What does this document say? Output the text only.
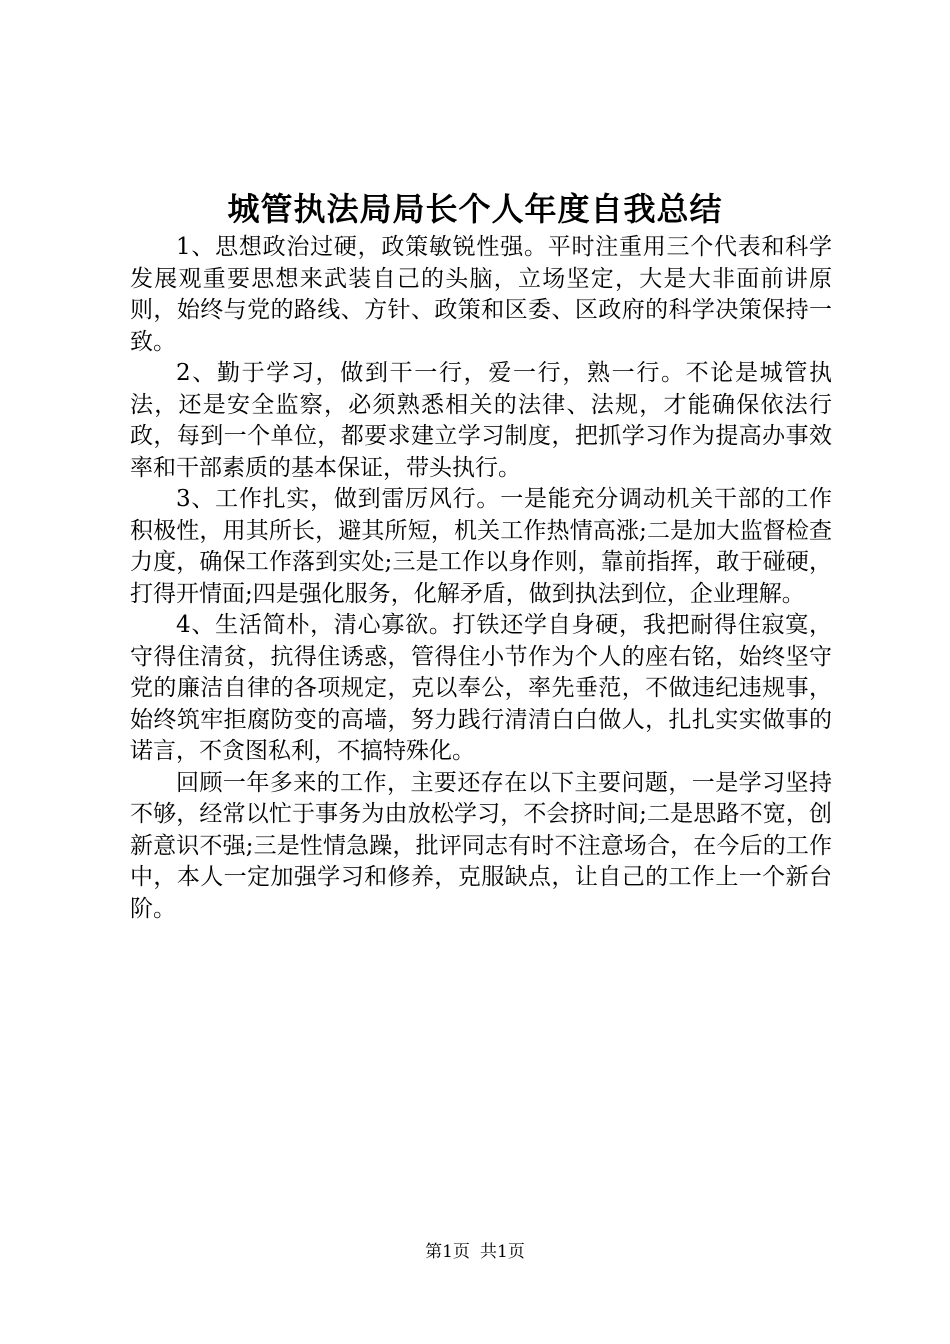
城管执法局局长个人年度自我总结

1、思想政治过硬，政策敏锐性强。平时注重用三个代表和科学发展观重要思想来武装自己的头脑，立场坚定，大是大非面前讲原则，始终与党的路线、方针、政策和区委、区政府的科学决策保持一致。

2、勤于学习，做到干一行，爱一行，熟一行。不论是城管执法，还是安全监察，必须熟悉相关的法律、法规，才能确保依法行政，每到一个单位，都要求建立学习制度，把抓学习作为提高办事效率和干部素质的基本保证，带头执行。

3、工作扎实，做到雷厉风行。一是能充分调动机关干部的工作积极性，用其所长，避其所短，机关工作热情高涨;二是加大监督检查力度，确保工作落到实处;三是工作以身作则，靠前指挥，敢于碰硬，打得开情面;四是强化服务，化解矛盾，做到执法到位，企业理解。

4、生活简朴，清心寡欲。打铁还学自身硬，我把耐得住寂寞，守得住清贫，抗得住诱惑，管得住小节作为个人的座右铭，始终坚守党的廉洁自律的各项规定，克以奉公，率先垂范，不做违纪违规事，始终筑牢拒腐防变的高墙，努力践行清清白白做人，扎扎实实做事的诺言，不贪图私利，不搞特殊化。

回顾一年多来的工作，主要还存在以下主要问题，一是学习坚持不够，经常以忙于事务为由放松学习，不会挤时间;二是思路不宽，创新意识不强;三是性情急躁，批评同志有时不注意场合，在今后的工作中，本人一定加强学习和修养，克服缺点，让自己的工作上一个新台阶。

第1页 共1页
